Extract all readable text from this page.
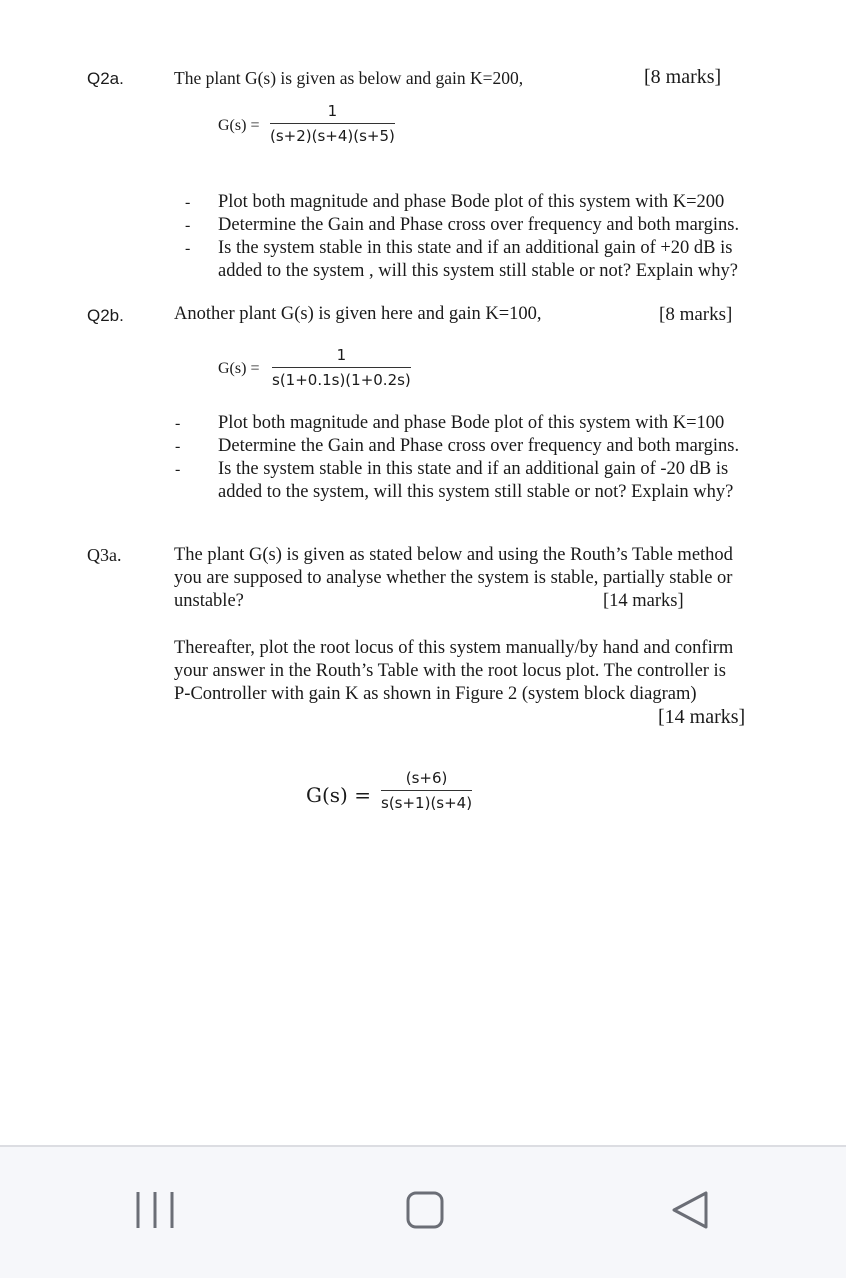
Q2a.	The plant G(s) is given as below and gain K=200,	[8 marks]
G(s) =
1
(s+2)(s+4)(s+5)
- Plot both magnitude and phase Bode plot of this system with K=200
- Determine the Gain and Phase cross over frequency and both margins.
- Is the system stable in this state and if an additional gain of +20 dB is
added to the system , will this system still stable or not? Explain why?
Q2b.	Another plant G(s) is given here and gain K=100,	[8 marks]
G(s) =
1
s(1+0.1s)(1+0.2s)
- Plot both magnitude and phase Bode plot of this system with K=100
- Determine the Gain and Phase cross over frequency and both margins.
- Is the system stable in this state and if an additional gain of -20 dB is
added to the system, will this system still stable or not? Explain why?
Q3a.	The plant G(s) is given as stated below and using the Routh’s Table method
you are supposed to analyse whether the system is stable, partially stable or
unstable?	[14 marks]
Thereafter, plot the root locus of this system manually/by hand and confirm
your answer in the Routh’s Table with the root locus plot. The controller is
P-Controller with gain K as shown in Figure 2 (system block diagram)
[14 marks]
G(s) =
(s+6)
s(s+1)(s+4)
